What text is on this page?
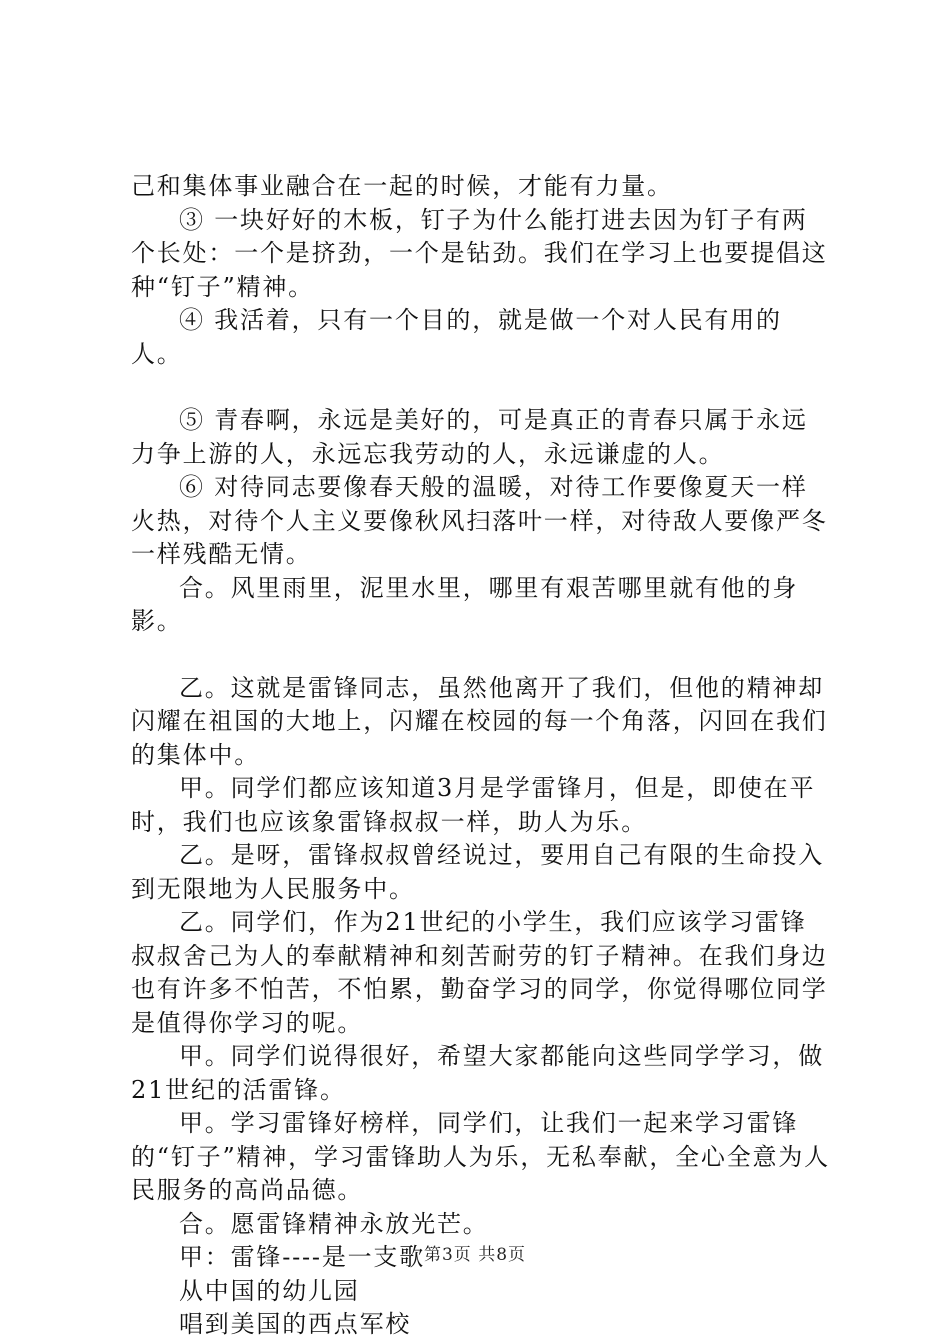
己和集体事业融合在一起的时候，才能有力量。

③ 一块好好的木板，钉子为什么能打进去因为钉子有两个长处：一个是挤劲，一个是钻劲。我们在学习上也要提倡这种“钉子”精神。

④ 我活着，只有一个目的，就是做一个对人民有用的人。

⑤ 青春啊，永远是美好的，可是真正的青春只属于永远力争上游的人，永远忘我劳动的人，永远谦虚的人。

⑥ 对待同志要像春天般的温暖，对待工作要像夏天一样火热，对待个人主义要像秋风扫落叶一样，对待敌人要像严冬一样残酷无情。

合。风里雨里，泥里水里，哪里有艰苦哪里就有他的身影。

乙。这就是雷锋同志，虽然他离开了我们，但他的精神却闪耀在祖国的大地上，闪耀在校园的每一个角落，闪回在我们的集体中。

甲。同学们都应该知道3月是学雷锋月，但是，即使在平时，我们也应该象雷锋叔叔一样，助人为乐。

乙。是呀，雷锋叔叔曾经说过，要用自己有限的生命投入到无限地为人民服务中。

乙。同学们，作为21世纪的小学生，我们应该学习雷锋叔叔舍己为人的奉献精神和刻苦耐劳的钉子精神。在我们身边也有许多不怕苦，不怕累，勤奋学习的同学，你觉得哪位同学是值得你学习的呢。

甲。同学们说得很好，希望大家都能向这些同学学习，做21世纪的活雷锋。

甲。学习雷锋好榜样，同学们，让我们一起来学习雷锋的“钉子”精神，学习雷锋助人为乐，无私奉献，全心全意为人民服务的高尚品德。

合。愿雷锋精神永放光芒。

甲：雷锋----是一支歌

从中国的幼儿园

唱到美国的西点军校

第3页 共8页
